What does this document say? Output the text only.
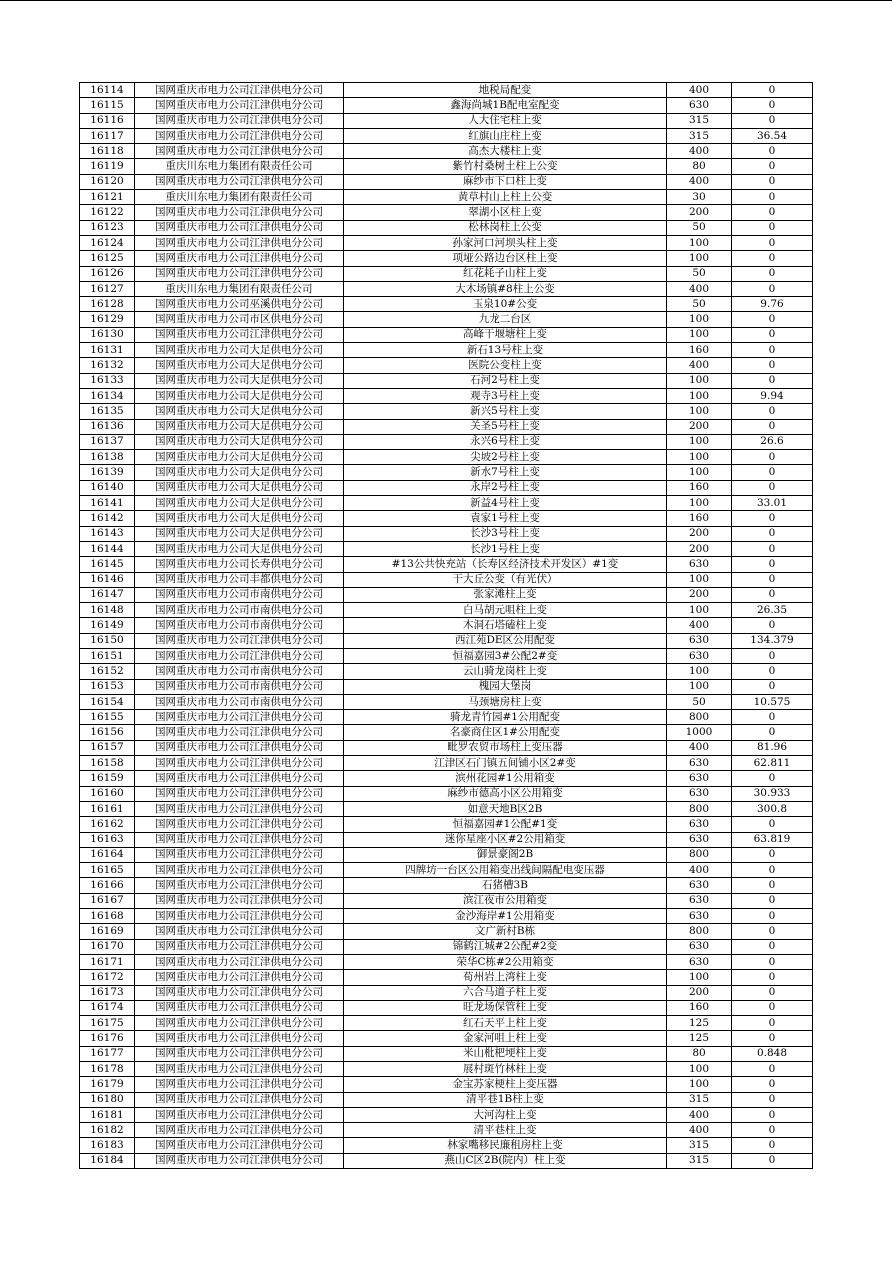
16114	国网重庆市电力公司江津供电分公司	地税局配变	400	0
16115	国网重庆市电力公司江津供电分公司	鑫海尚城1B配电室配变	630	0
16116	国网重庆市电力公司江津供电分公司	人大住宅柱上变	315	0
16117	国网重庆市电力公司江津供电分公司	红旗山庄柱上变	315	36.54
16118	国网重庆市电力公司江津供电分公司	高杰大楼柱上变	400	0
16119	重庆川东电力集团有限责任公司	紫竹村桑树土柱上公变	80	0
16120	国网重庆市电力公司江津供电分公司	麻纱市下口柱上变	400	0
16121	重庆川东电力集团有限责任公司	黄草村山上柱上公变	30	0
16122	国网重庆市电力公司江津供电分公司	翠湖小区柱上变	200	0
16123	国网重庆市电力公司江津供电分公司	松林岗柱上公变	50	0
16124	国网重庆市电力公司江津供电分公司	孙家河口河坝头柱上变	100	0
16125	国网重庆市电力公司江津供电分公司	项垭公路边台区柱上变	100	0
16126	国网重庆市电力公司江津供电分公司	红花耗子山柱上变	50	0
16127	重庆川东电力集团有限责任公司	大木场镇#8柱上公变	400	0
16128	国网重庆市电力公司巫溪供电分公司	玉泉10#公变	50	9.76
16129	国网重庆市电力公司市区供电分公司	九龙二台区	100	0
16130	国网重庆市电力公司江津供电分公司	高峰干堰塘柱上变	100	0
16131	国网重庆市电力公司大足供电分公司	新石13号柱上变	160	0
16132	国网重庆市电力公司大足供电分公司	医院公变柱上变	400	0
16133	国网重庆市电力公司大足供电分公司	石河2号柱上变	100	0
16134	国网重庆市电力公司大足供电分公司	观寺3号柱上变	100	9.94
16135	国网重庆市电力公司大足供电分公司	新兴5号柱上变	100	0
16136	国网重庆市电力公司大足供电分公司	关圣5号柱上变	200	0
16137	国网重庆市电力公司大足供电分公司	永兴6号柱上变	100	26.6
16138	国网重庆市电力公司大足供电分公司	尖坡2号柱上变	100	0
16139	国网重庆市电力公司大足供电分公司	新水7号柱上变	100	0
16140	国网重庆市电力公司大足供电分公司	永岸2号柱上变	160	0
16141	国网重庆市电力公司大足供电分公司	新益4号柱上变	100	33.01
16142	国网重庆市电力公司大足供电分公司	袁家1号柱上变	160	0
16143	国网重庆市电力公司大足供电分公司	长沙3号柱上变	200	0
16144	国网重庆市电力公司大足供电分公司	长沙1号柱上变	200	0
16145	国网重庆市电力公司长寿供电分公司	#13公共快充站（长寿区经济技术开发区）#1变	630	0
16146	国网重庆市电力公司丰都供电分公司	干大丘公变（有光伏）	100	0
16147	国网重庆市电力公司市南供电分公司	张家滩柱上变	200	0
16148	国网重庆市电力公司市南供电分公司	白马胡元咀柱上变	100	26.35
16149	国网重庆市电力公司市南供电分公司	木洞石塔磕柱上变	400	0
16150	国网重庆市电力公司江津供电分公司	西江苑DE区公用配变	630	134.379
16151	国网重庆市电力公司江津供电分公司	恒福嘉园3#公配2#变	630	0
16152	国网重庆市电力公司市南供电分公司	云山骑龙岗柱上变	100	0
16153	国网重庆市电力公司市南供电分公司	槐园大堡岗	100	0
16154	国网重庆市电力公司市南供电分公司	马颈塘房柱上变	50	10.575
16155	国网重庆市电力公司江津供电分公司	骑龙青竹园#1公用配变	800	0
16156	国网重庆市电力公司江津供电分公司	名豪商住区1#公用配变	1000	0
16157	国网重庆市电力公司江津供电分公司	毗罗农贸市场柱上变压器	400	81.96
16158	国网重庆市电力公司江津供电分公司	江津区石门镇五间铺小区2#变	630	62.811
16159	国网重庆市电力公司江津供电分公司	滨州花园#1公用箱变	630	0
16160	国网重庆市电力公司江津供电分公司	麻纱市德高小区公用箱变	630	30.933
16161	国网重庆市电力公司江津供电分公司	如意天地B区2B	800	300.8
16162	国网重庆市电力公司江津供电分公司	恒福嘉园#1公配#1变	630	0
16163	国网重庆市电力公司江津供电分公司	迷你星座小区#2公用箱变	630	63.819
16164	国网重庆市电力公司江津供电分公司	御景豪阁2B	800	0
16165	国网重庆市电力公司江津供电分公司	四牌坊一台区公用箱变出线间隔配电变压器	400	0
16166	国网重庆市电力公司江津供电分公司	石猪槽3B	630	0
16167	国网重庆市电力公司江津供电分公司	滨江夜市公用箱变	630	0
16168	国网重庆市电力公司江津供电分公司	金沙海岸#1公用箱变	630	0
16169	国网重庆市电力公司江津供电分公司	文广新村B栋	800	0
16170	国网重庆市电力公司江津供电分公司	锦鹤江城#2公配#2变	630	0
16171	国网重庆市电力公司江津供电分公司	荣华C栋#2公用箱变	630	0
16172	国网重庆市电力公司江津供电分公司	荀州岩上湾柱上变	100	0
16173	国网重庆市电力公司江津供电分公司	六合马道子柱上变	200	0
16174	国网重庆市电力公司江津供电分公司	旺龙场保管柱上变	160	0
16175	国网重庆市电力公司江津供电分公司	红石天平上柱上变	125	0
16176	国网重庆市电力公司江津供电分公司	金家河咀上柱上变	125	0
16177	国网重庆市电力公司江津供电分公司	米山枇杷埂柱上变	80	0.848
16178	国网重庆市电力公司江津供电分公司	展村斑竹林柱上变	100	0
16179	国网重庆市电力公司江津供电分公司	金宝苏家梗柱上变压器	100	0
16180	国网重庆市电力公司江津供电分公司	清平巷1B柱上变	315	0
16181	国网重庆市电力公司江津供电分公司	大河沟柱上变	400	0
16182	国网重庆市电力公司江津供电分公司	清平巷柱上变	400	0
16183	国网重庆市电力公司江津供电分公司	林家嘴移民廉租房柱上变	315	0
16184	国网重庆市电力公司江津供电分公司	燕山C区2B(院内）柱上变	315	0
